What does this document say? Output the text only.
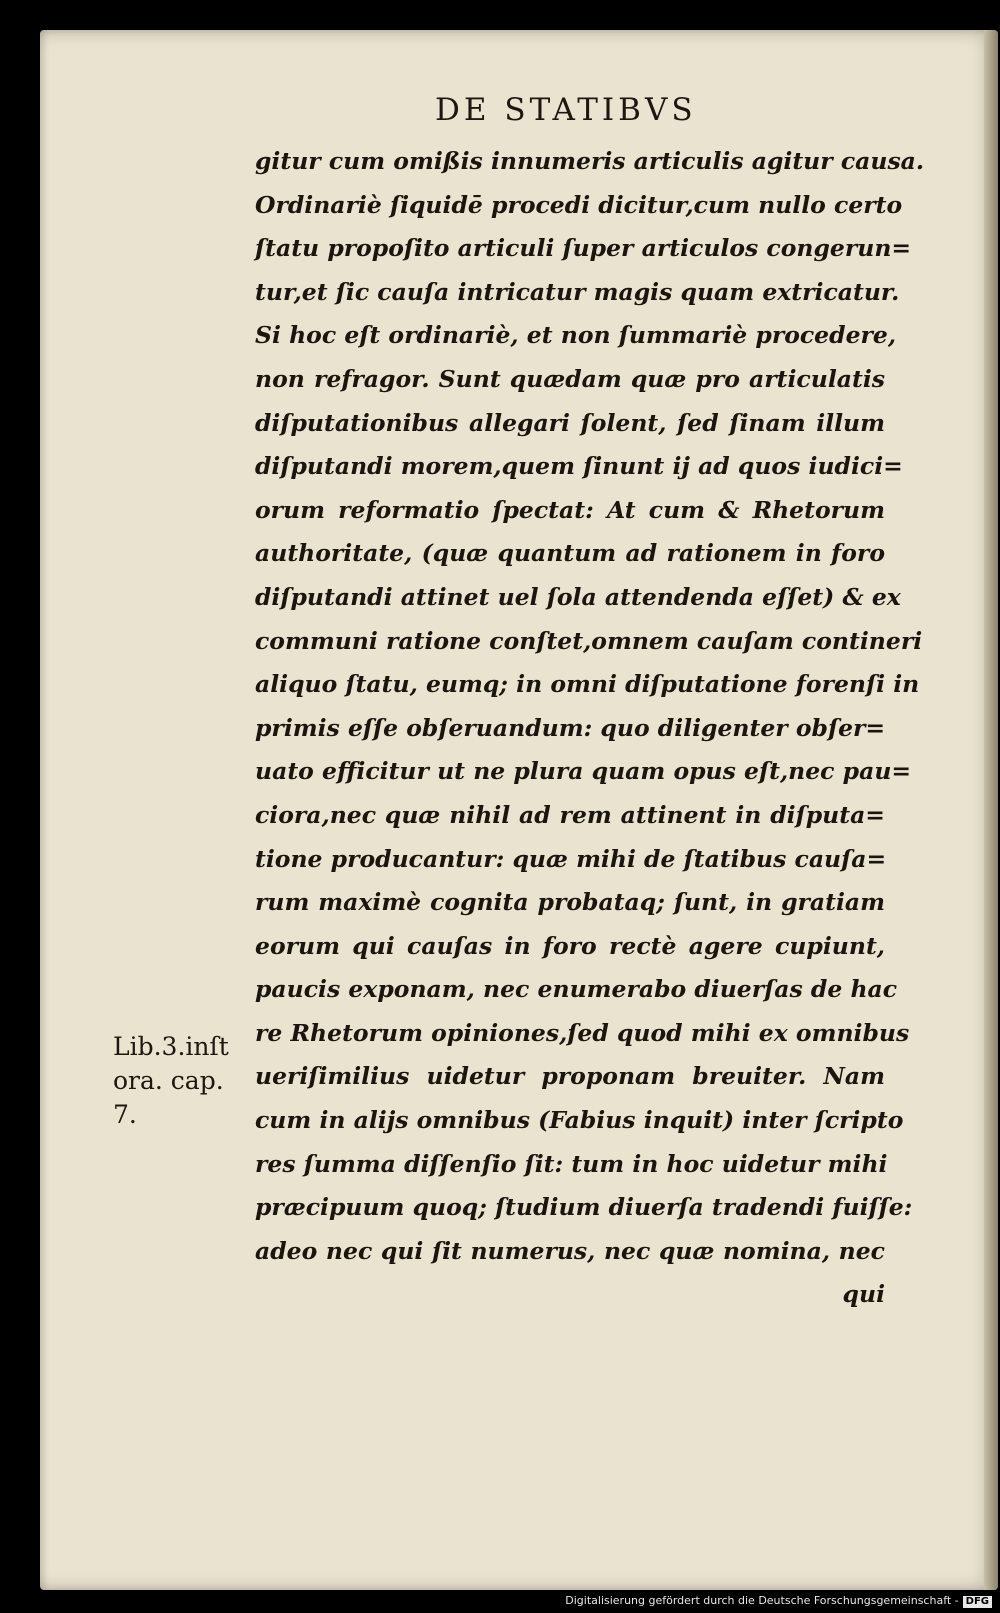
DE STATIBVS
gitur cum omißis innumeris articulis agitur causa.
Ordinariè ſiquidē procedi dicitur,cum nullo certo
ſtatu propoſito articuli ſuper articulos congerun=
tur,et ſic cauſa intricatur magis quam extricatur.
Si hoc eſt ordinariè, et non ſummariè procedere,
non refragor. Sunt quædam quæ pro articulatis
diſputationibus allegari ſolent, ſed ſinam illum
diſputandi morem,quem ſinunt ij ad quos iudici=
orum reformatio ſpectat: At cum & Rhetorum
authoritate, (quæ quantum ad rationem in foro
diſputandi attinet uel ſola attendenda eſſet) & ex
communi ratione conſtet,omnem cauſam contineri
aliquo ſtatu, eumq; in omni diſputatione forenſi in
primis eſſe obſeruandum: quo diligenter obſer=
uato efficitur ut ne plura quam opus eſt,nec pau=
ciora,nec quæ nihil ad rem attinent in diſputa=
tione producantur: quæ mihi de ſtatibus cauſa=
rum maximè cognita probataq; ſunt, in gratiam
eorum qui cauſas in foro rectè agere cupiunt,
paucis exponam, nec enumerabo diuerſas de hac
re Rhetorum opiniones,ſed quod mihi ex omnibus
ueriſimilius uidetur proponam breuiter. Nam
cum in aliјs omnibus (Fabius inquit) inter ſcripto
res ſumma diſſenſio ſit: tum in hoc uidetur mihi
præcipuum quoq; ſtudium diuerſa tradendi fuiſſe:
adeo nec qui ſit numerus, nec quæ nomina, nec
qui
Lib.3.inſt
ora. cap.
7.
Digitalisierung gefördert durch die Deutsche Forschungsgemeinschaft - DFG
